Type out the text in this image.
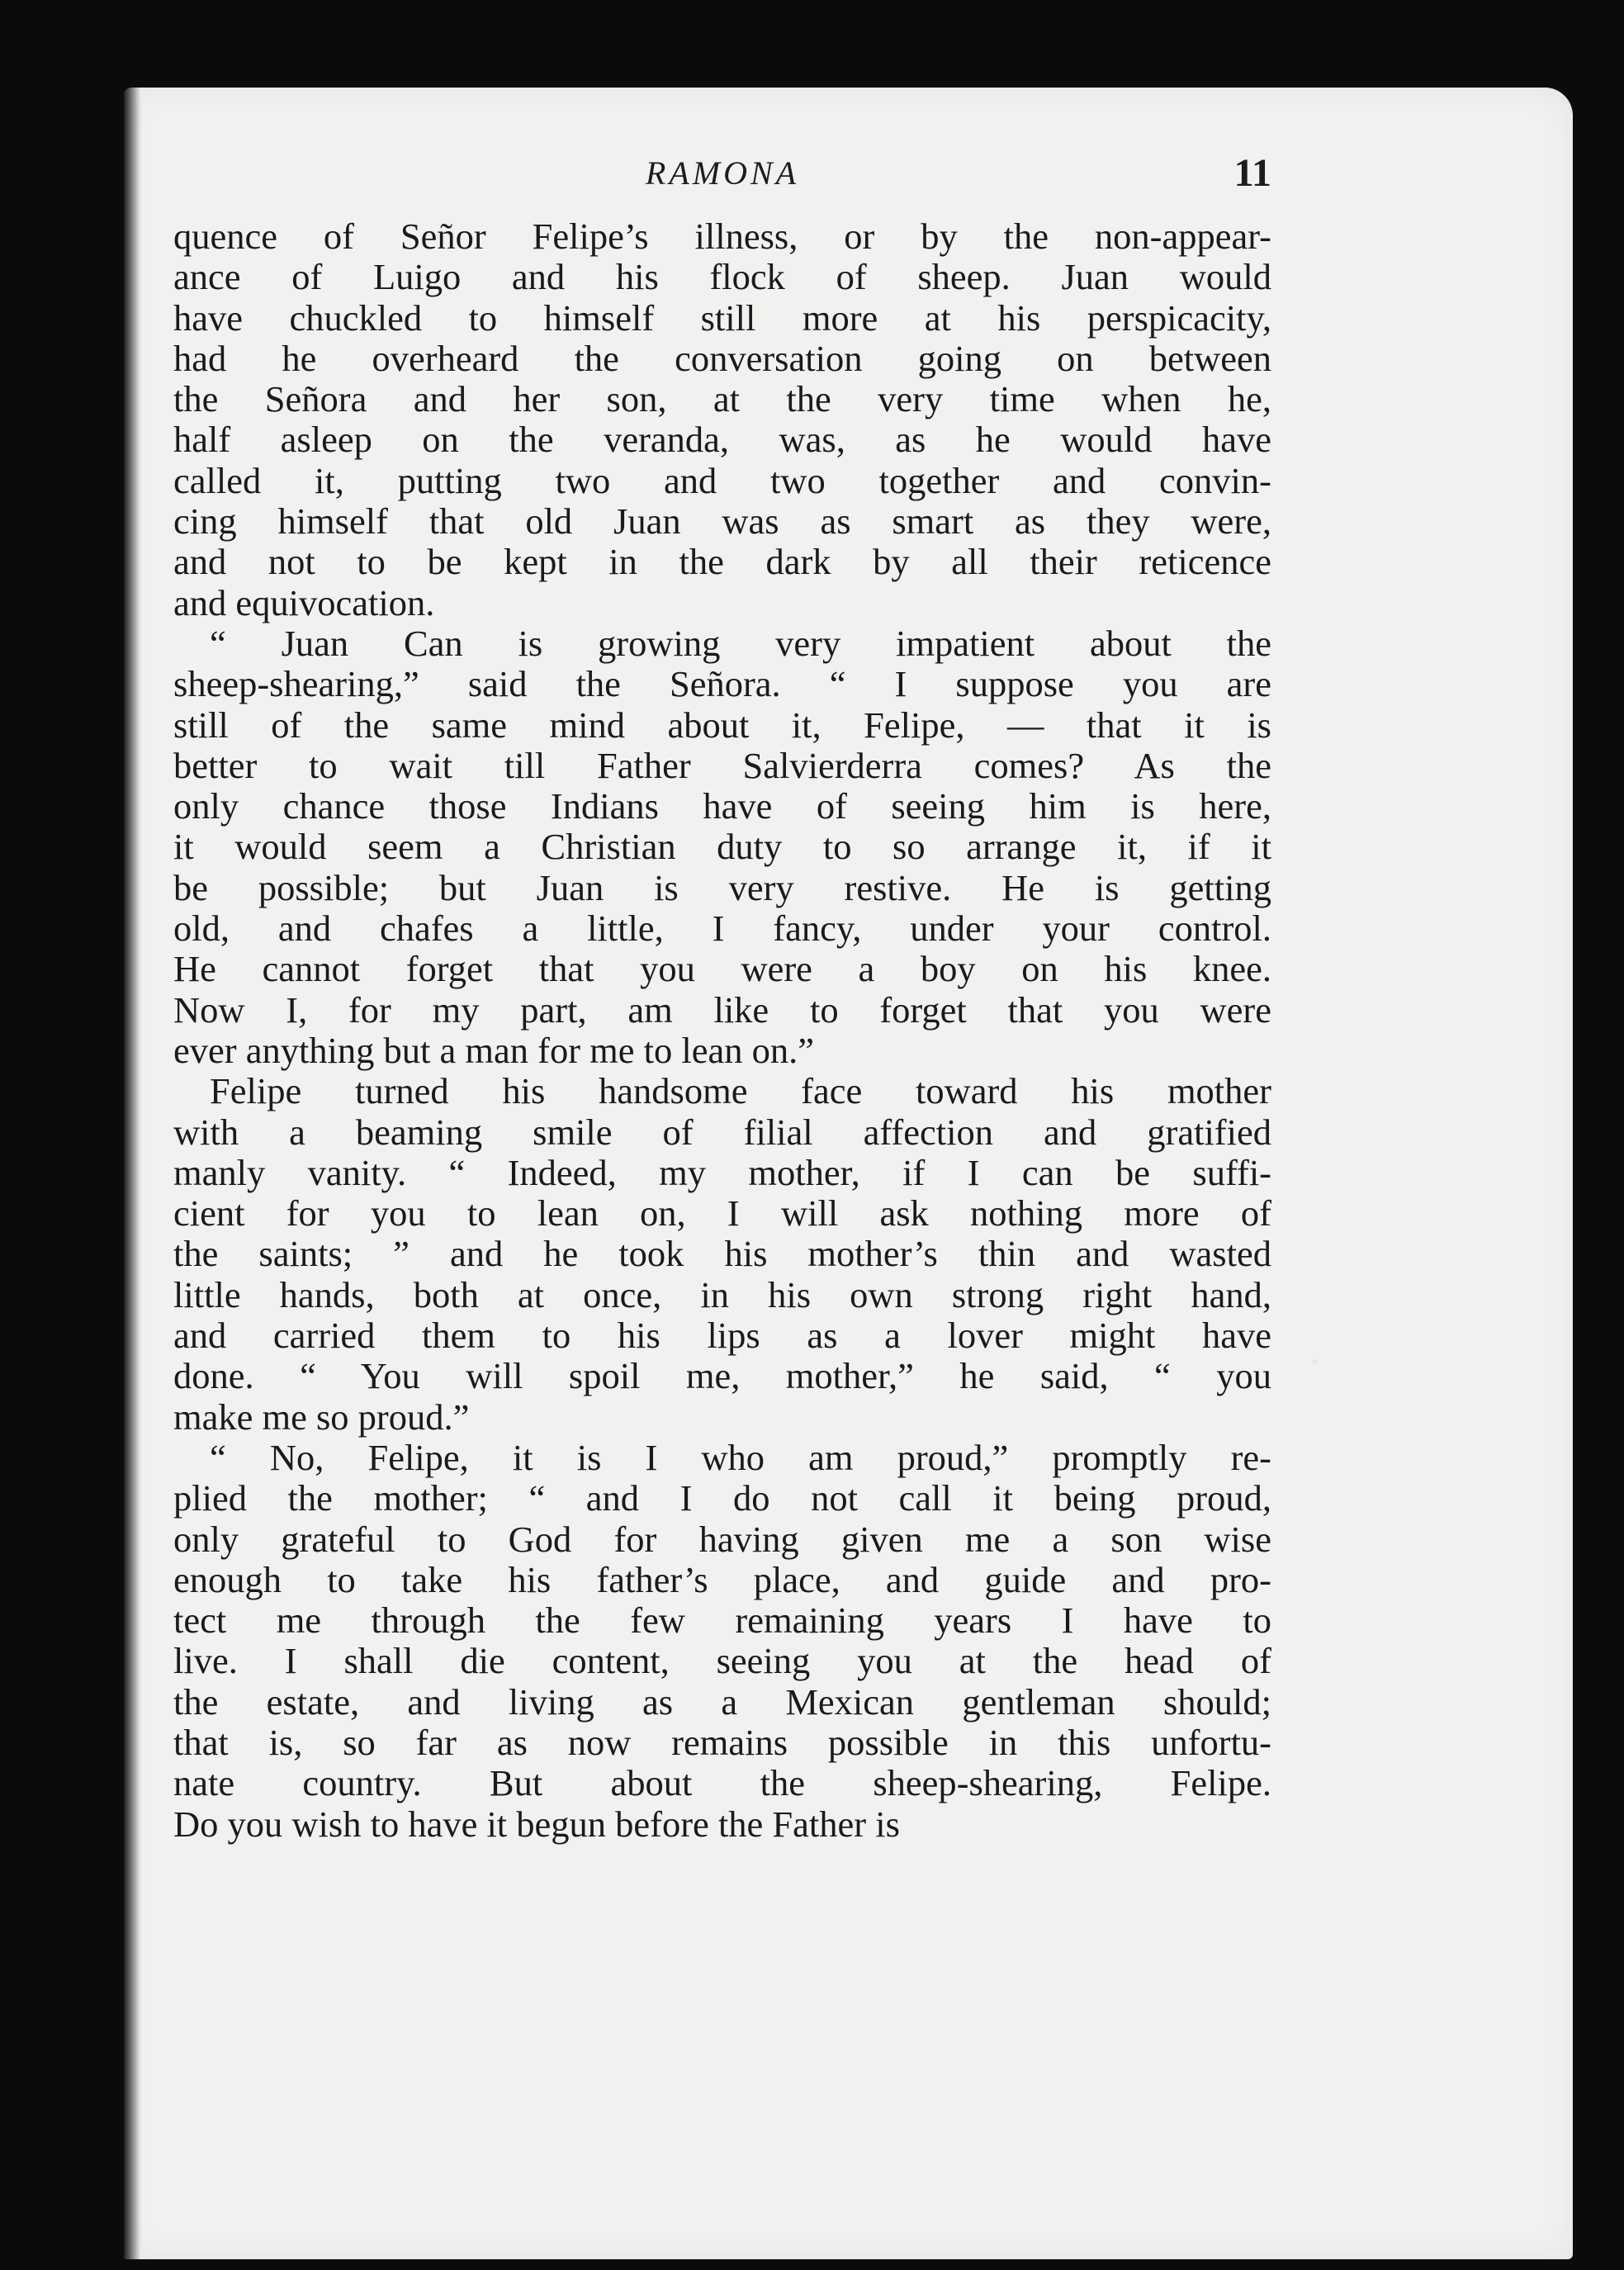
RAMONA	11
quence of Señor Felipe’s illness, or by the non-appear-
ance of Luigo and his flock of sheep. Juan would
have chuckled to himself still more at his perspicacity,
had he overheard the conversation going on between
the Señora and her son, at the very time when he,
half asleep on the veranda, was, as he would have
called it, putting two and two together and convin-
cing himself that old Juan was as smart as they were,
and not to be kept in the dark by all their reticence
and equivocation.
“ Juan Can is growing very impatient about the
sheep-shearing,” said the Señora. “ I suppose you are
still of the same mind about it, Felipe, — that it is
better to wait till Father Salvierderra comes? As the
only chance those Indians have of seeing him is here,
it would seem a Christian duty to so arrange it, if it
be possible; but Juan is very restive. He is getting
old, and chafes a little, I fancy, under your control.
He cannot forget that you were a boy on his knee.
Now I, for my part, am like to forget that you were
ever anything but a man for me to lean on.”
Felipe turned his handsome face toward his mother
with a beaming smile of filial affection and gratified
manly vanity. “ Indeed, my mother, if I can be suffi-
cient for you to lean on, I will ask nothing more of
the saints; ” and he took his mother’s thin and wasted
little hands, both at once, in his own strong right hand,
and carried them to his lips as a lover might have
done. “ You will spoil me, mother,” he said, “ you
make me so proud.”
“ No, Felipe, it is I who am proud,” promptly re-
plied the mother; “ and I do not call it being proud,
only grateful to God for having given me a son wise
enough to take his father’s place, and guide and pro-
tect me through the few remaining years I have to
live. I shall die content, seeing you at the head of
the estate, and living as a Mexican gentleman should;
that is, so far as now remains possible in this unfortu-
nate country. But about the sheep-shearing, Felipe.
Do you wish to have it begun before the Father is
